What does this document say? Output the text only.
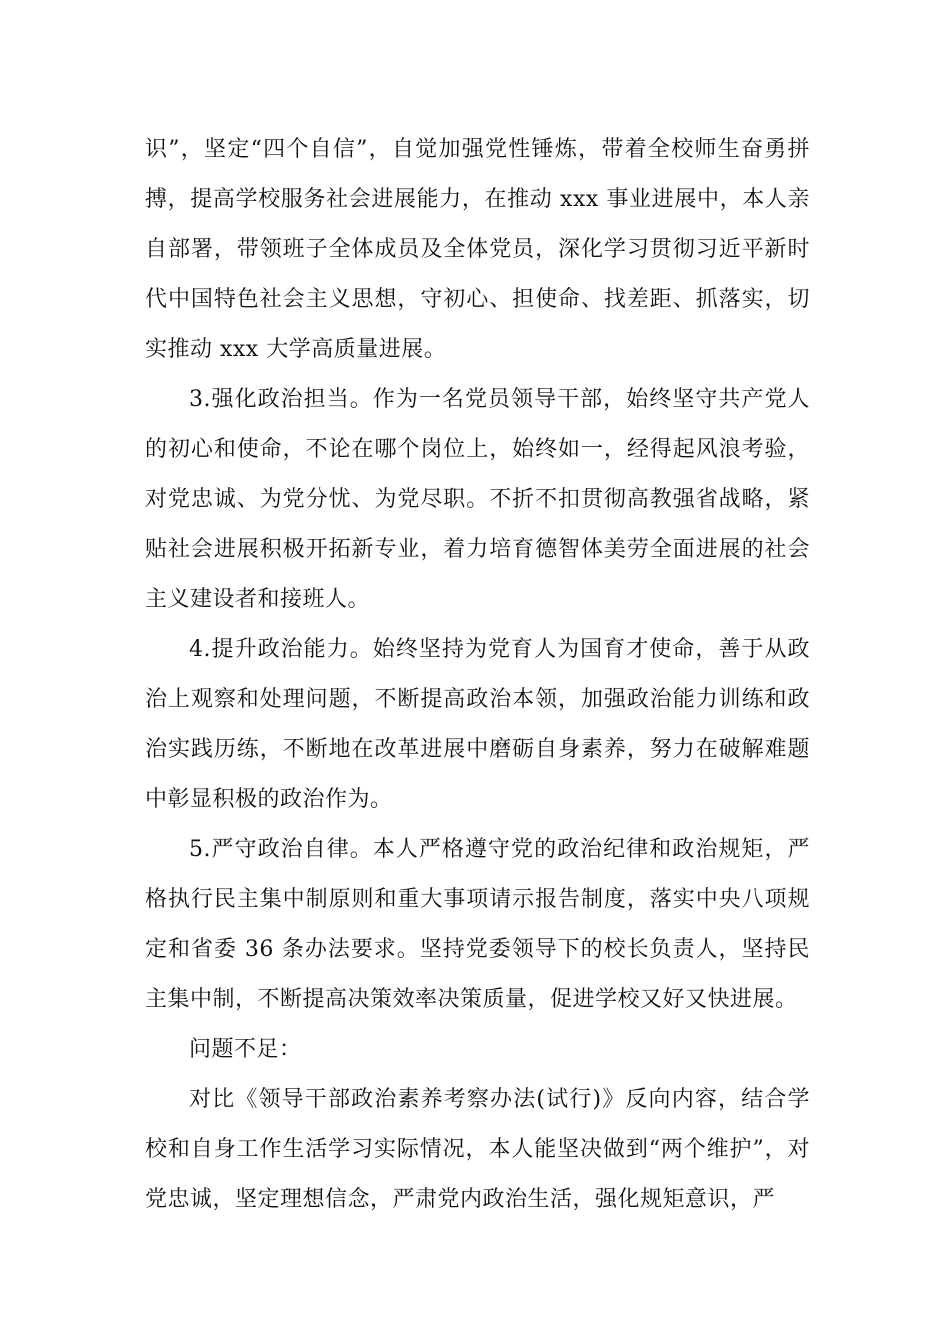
识”，坚定“四个自信”，自觉加强党性锤炼，带着全校师生奋勇拼搏，提高学校服务社会进展能力，在推动 xxx 事业进展中，本人亲自部署，带领班子全体成员及全体党员，深化学习贯彻习近平新时代中国特色社会主义思想，守初心、担使命、找差距、抓落实，切实推动 xxx 大学高质量进展。

3.强化政治担当。作为一名党员领导干部，始终坚守共产党人的初心和使命，不论在哪个岗位上，始终如一，经得起风浪考验，对党忠诚、为党分忧、为党尽职。不折不扣贯彻高教强省战略，紧贴社会进展积极开拓新专业，着力培育德智体美劳全面进展的社会主义建设者和接班人。

4.提升政治能力。始终坚持为党育人为国育才使命，善于从政治上观察和处理问题，不断提高政治本领，加强政治能力训练和政治实践历练，不断地在改革进展中磨砺自身素养，努力在破解难题中彰显积极的政治作为。

5.严守政治自律。本人严格遵守党的政治纪律和政治规矩，严格执行民主集中制原则和重大事项请示报告制度，落实中央八项规定和省委 36 条办法要求。坚持党委领导下的校长负责人，坚持民主集中制，不断提高决策效率决策质量，促进学校又好又快进展。

问题不足：

对比《领导干部政治素养考察办法(试行)》反向内容，结合学校和自身工作生活学习实际情况，本人能坚决做到“两个维护”，对党忠诚，坚定理想信念，严肃党内政治生活，强化规矩意识，严
